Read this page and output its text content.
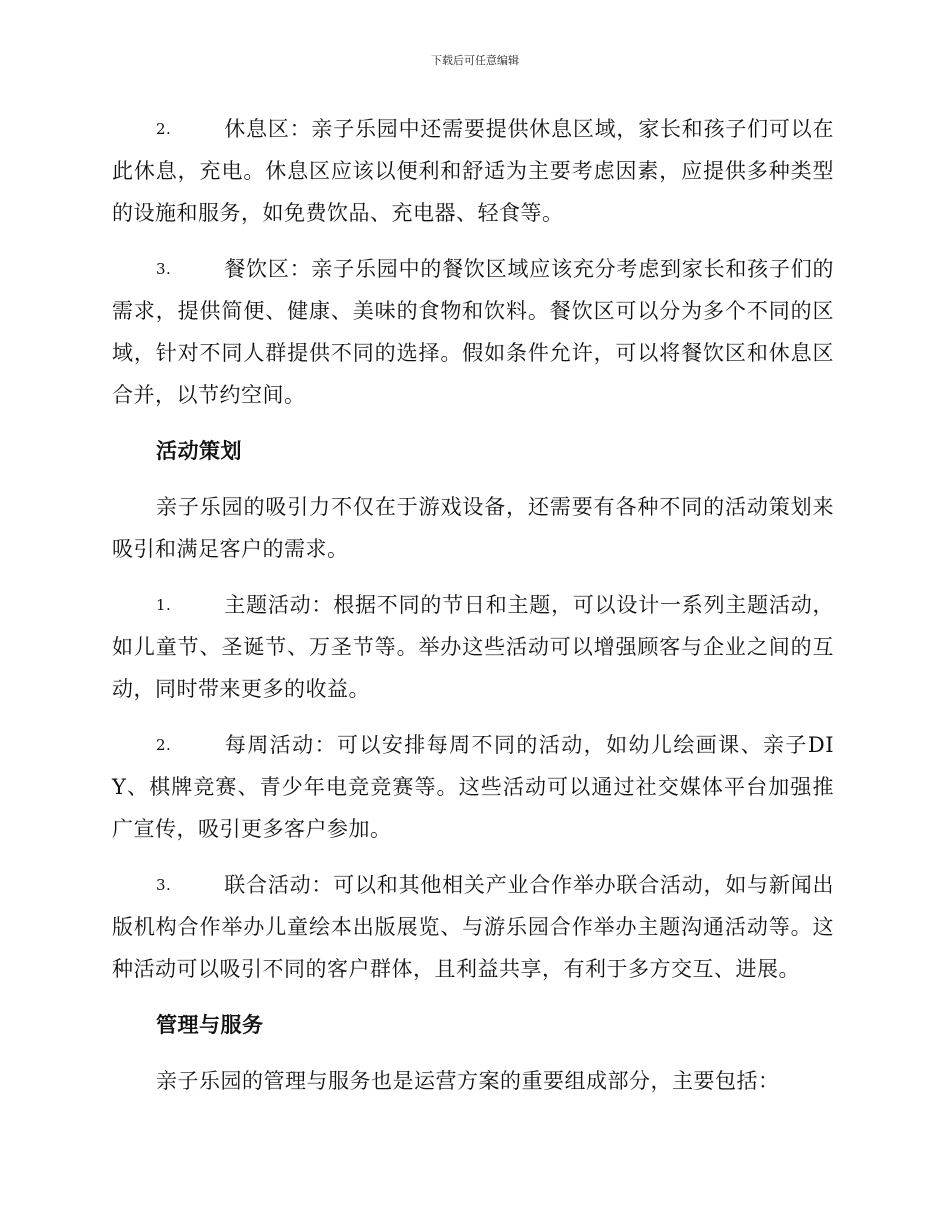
下载后可任意编辑

2.	休息区：亲子乐园中还需要提供休息区域，家长和孩子们可以在此休息，充电。休息区应该以便利和舒适为主要考虑因素，应提供多种类型的设施和服务，如免费饮品、充电器、轻食等。

3.	餐饮区：亲子乐园中的餐饮区域应该充分考虑到家长和孩子们的需求，提供简便、健康、美味的食物和饮料。餐饮区可以分为多个不同的区域，针对不同人群提供不同的选择。假如条件允许，可以将餐饮区和休息区合并，以节约空间。

活动策划

亲子乐园的吸引力不仅在于游戏设备，还需要有各种不同的活动策划来吸引和满足客户的需求。

1.	主题活动：根据不同的节日和主题，可以设计一系列主题活动，如儿童节、圣诞节、万圣节等。举办这些活动可以增强顾客与企业之间的互动，同时带来更多的收益。

2.	每周活动：可以安排每周不同的活动，如幼儿绘画课、亲子DIY、棋牌竞赛、青少年电竞竞赛等。这些活动可以通过社交媒体平台加强推广宣传，吸引更多客户参加。

3.	联合活动：可以和其他相关产业合作举办联合活动，如与新闻出版机构合作举办儿童绘本出版展览、与游乐园合作举办主题沟通活动等。这种活动可以吸引不同的客户群体，且利益共享，有利于多方交互、进展。

管理与服务

亲子乐园的管理与服务也是运营方案的重要组成部分，主要包括：
